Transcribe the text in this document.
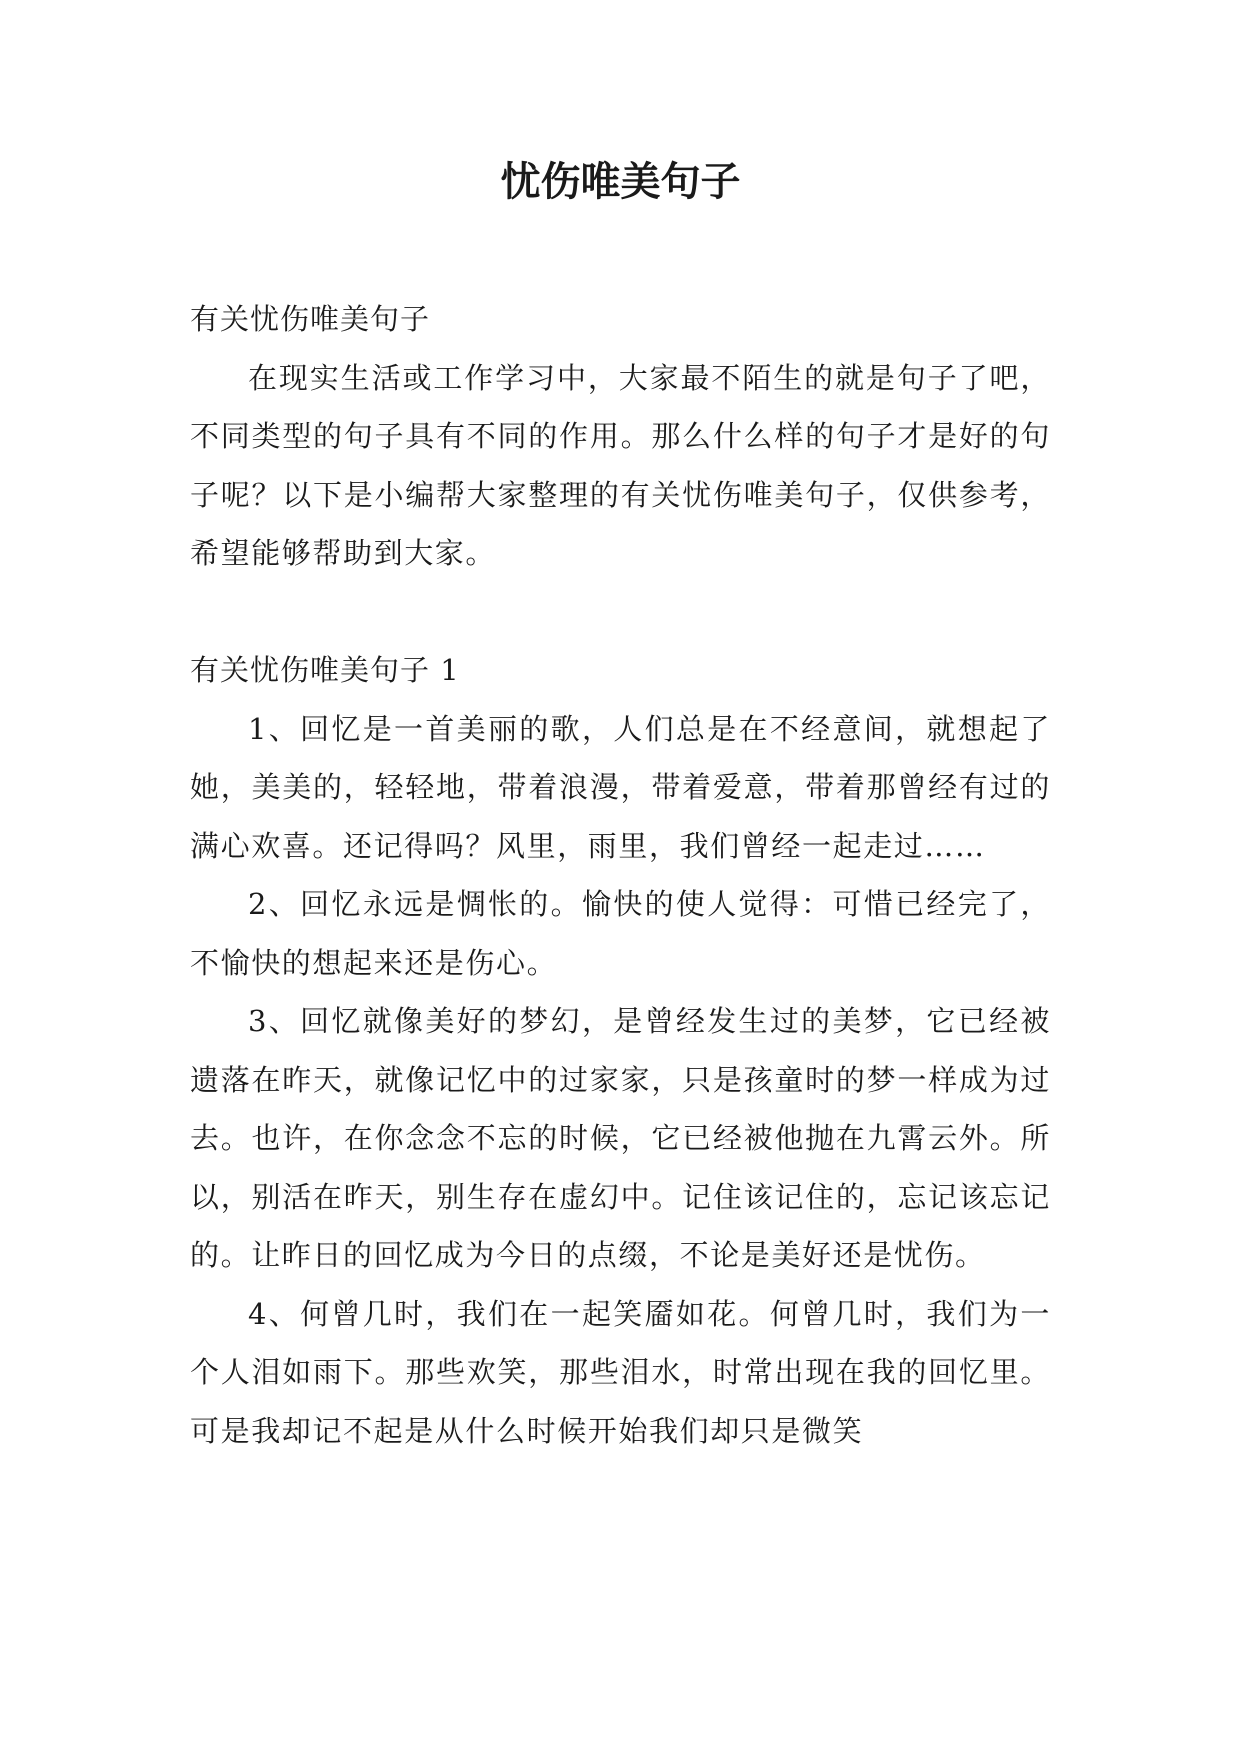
忧伤唯美句子

有关忧伤唯美句子

在现实生活或工作学习中，大家最不陌生的就是句子了吧，不同类型的句子具有不同的作用。那么什么样的句子才是好的句子呢？以下是小编帮大家整理的有关忧伤唯美句子，仅供参考，希望能够帮助到大家。

有关忧伤唯美句子 1

1、回忆是一首美丽的歌，人们总是在不经意间，就想起了她，美美的，轻轻地，带着浪漫，带着爱意，带着那曾经有过的满心欢喜。还记得吗？风里，雨里，我们曾经一起走过……

2、回忆永远是惆怅的。愉快的使人觉得：可惜已经完了，不愉快的想起来还是伤心。

3、回忆就像美好的梦幻，是曾经发生过的美梦，它已经被遗落在昨天，就像记忆中的过家家，只是孩童时的梦一样成为过去。也许，在你念念不忘的时候，它已经被他抛在九霄云外。所以，别活在昨天，别生存在虚幻中。记住该记住的，忘记该忘记的。让昨日的回忆成为今日的点缀，不论是美好还是忧伤。

4、何曾几时，我们在一起笑靥如花。何曾几时，我们为一个人泪如雨下。那些欢笑，那些泪水，时常出现在我的回忆里。可是我却记不起是从什么时候开始我们却只是微笑
